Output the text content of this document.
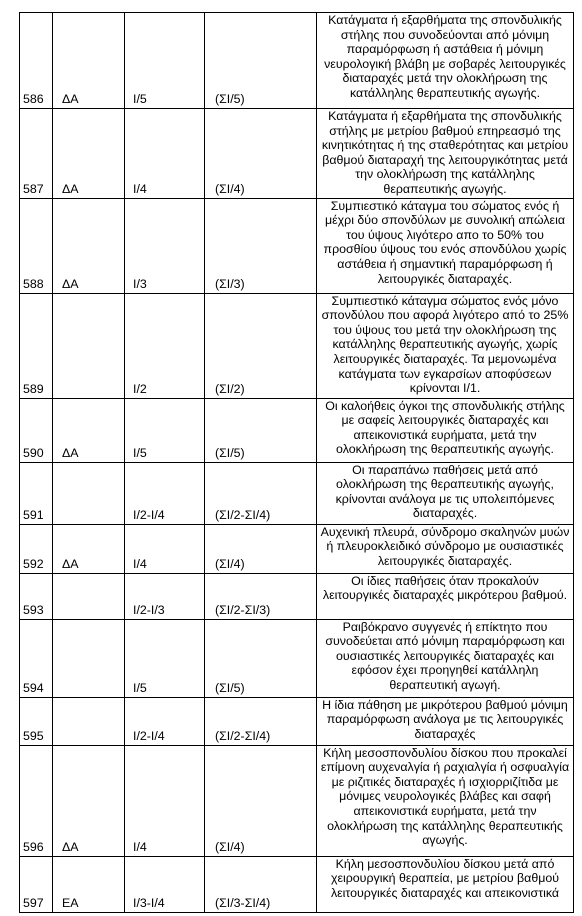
586	ΔΑ	Ι/5	(ΣΙ/5)	Κατάγματα ή εξαρθήματα της σπονδυλικής στήλης που συνοδεύονται από μόνιμη παραμόρφωση ή αστάθεια ή μόνιμη νευρολογική βλάβη με σοβαρές λειτουργικές διαταραχές μετά την ολοκλήρωση της κατάλληλης θεραπευτικής αγωγής.
587	ΔΑ	Ι/4	(ΣΙ/4)	Κατάγματα ή εξαρθήματα της σπονδυλικής στήλης με μετρίου βαθμού επηρεασμό της κινητικότητας ή της σταθερότητας και μετρίου βαθμού διαταραχή της λειτουργικότητας μετά την ολοκλήρωση της κατάλληλης θεραπευτικής αγωγής.
588	ΔΑ	Ι/3	(ΣΙ/3)	Συμπιεστικό κάταγμα του σώματος ενός ή μέχρι δύο σπονδύλων με συνολική απώλεια του ύψους λιγότερο απο το 50% του προσθίου ύψους του ενός σπονδύλου χωρίς αστάθεια ή σημαντική παραμόρφωση ή λειτουργικές διαταραχές.
589		Ι/2	(ΣΙ/2)	Συμπιεστικό κάταγμα σώματος ενός μόνο σπονδύλου που αφορά λιγότερο από το 25% του ύψους του μετά την ολοκλήρωση της κατάλληλης θεραπευτικής αγωγής, χωρίς λειτουργικές διαταραχές. Τα μεμονωμένα κατάγματα των εγκαρσίων αποφύσεων κρίνονται Ι/1.
590	ΔΑ	Ι/5	(ΣΙ/5)	Οι καλοήθεις όγκοι της σπονδυλικής στήλης με σαφείς λειτουργικές διαταραχές και απεικονιστικά ευρήματα, μετά την ολοκλήρωση της θεραπευτικής αγωγής.
591		Ι/2-Ι/4	(ΣΙ/2-ΣΙ/4)	Οι παραπάνω παθήσεις μετά από ολοκλήρωση της θεραπευτικής αγωγής, κρίνονται ανάλογα με τις υπολειπόμενες διαταραχές.
592	ΔΑ	Ι/4	(ΣΙ/4)	Αυχενική πλευρά, σύνδρομο σκαληνών μυών ή πλευροκλειδικό σύνδρομο με ουσιαστικές λειτουργικές διαταραχές.
593		Ι/2-Ι/3	(ΣΙ/2-ΣΙ/3)	Οι ίδιες παθήσεις όταν προκαλούν λειτουργικές διαταραχές μικρότερου βαθμού.
594		Ι/5	(ΣΙ/5)	Ραιβόκρανο συγγενές ή επίκτητο που συνοδεύεται από μόνιμη παραμόρφωση και ουσιαστικές λειτουργικές διαταραχές και εφόσον έχει προηγηθεί κατάλληλη θεραπευτική αγωγή.
595		Ι/2-Ι/4	(ΣΙ/2-ΣΙ/4)	Η ίδια πάθηση με μικρότερου βαθμού μόνιμη παραμόρφωση ανάλογα με τις λειτουργικές διαταραχές
596	ΔΑ	Ι/4	(ΣΙ/4)	Κήλη μεσοσπονδυλίου δίσκου που προκαλεί επίμονη αυχεναλγία ή ραχιαλγία ή οσφυαλγία με ριζιτικές διαταραχές ή ισχιορριζίτιδα με μόνιμες νευρολογικές βλάβες και σαφή απεικονιστικά ευρήματα, μετά την ολοκλήρωση της κατάλληλης θεραπευτικής αγωγής.
597	ΕΑ	Ι/3-Ι/4	(ΣΙ/3-ΣΙ/4)	Κήλη μεσοσπονδυλίου δίσκου μετά από χειρουργική θεραπεία, με μετρίου βαθμού λειτουργικές διαταραχές και απεικονιστικά
